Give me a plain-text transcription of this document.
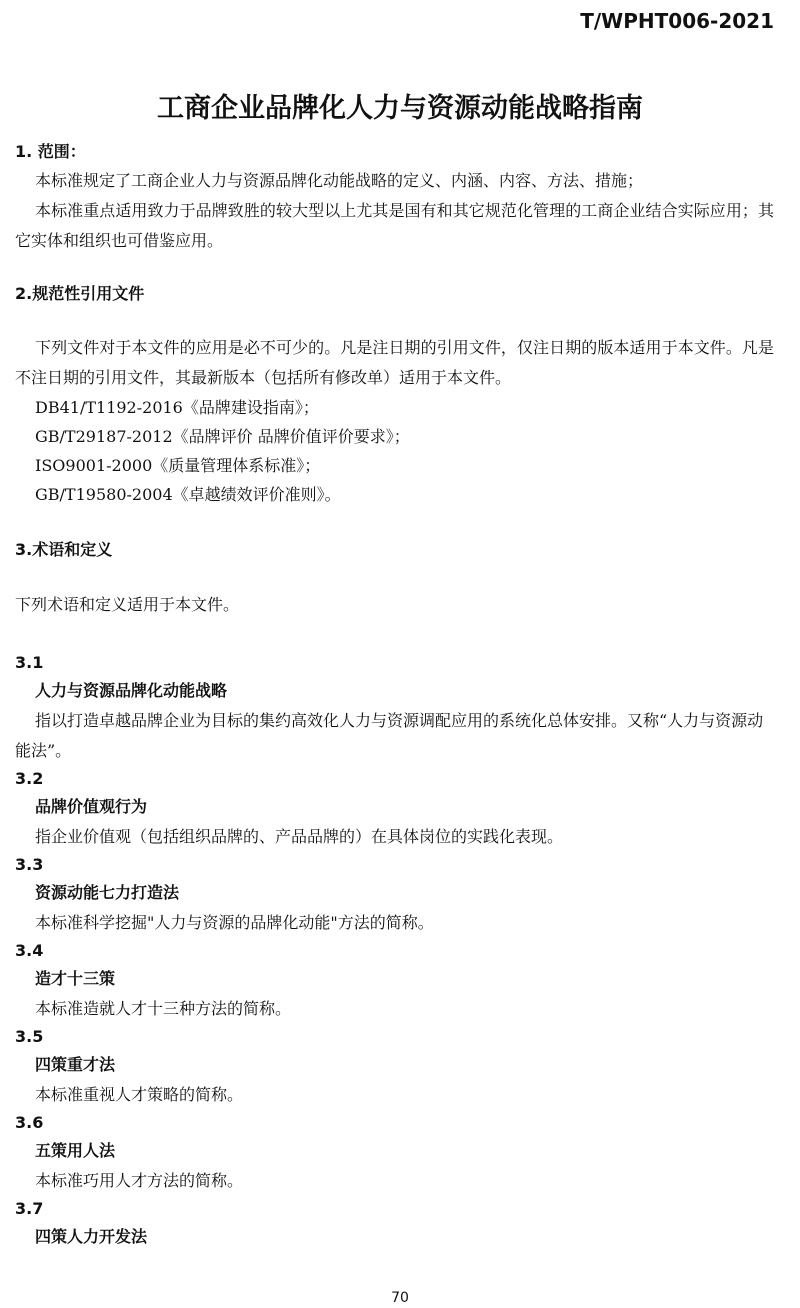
T/WPHT006-2021
工商企业品牌化人力与资源动能战略指南
1. 范围：
本标准规定了工商企业人力与资源品牌化动能战略的定义、内涵、内容、方法、措施；
本标准重点适用致力于品牌致胜的较大型以上尤其是国有和其它规范化管理的工商企业结合实际应用；其它实体和组织也可借鉴应用。
2.规范性引用文件
下列文件对于本文件的应用是必不可少的。凡是注日期的引用文件，仅注日期的版本适用于本文件。凡是不注日期的引用文件，其最新版本（包括所有修改单）适用于本文件。
DB41/T1192-2016《品牌建设指南》；
GB/T29187-2012《品牌评价 品牌价值评价要求》；
ISO9001-2000《质量管理体系标准》；
GB/T19580-2004《卓越绩效评价准则》。
3.术语和定义
下列术语和定义适用于本文件。
3.1
人力与资源品牌化动能战略
指以打造卓越品牌企业为目标的集约高效化人力与资源调配应用的系统化总体安排。又称“人力与资源动能法”。
3.2
品牌价值观行为
指企业价值观（包括组织品牌的、产品品牌的）在具体岗位的实践化表现。
3.3
资源动能七力打造法
本标准科学挖掘"人力与资源的品牌化动能"方法的简称。
3.4
造才十三策
本标准造就人才十三种方法的简称。
3.5
四策重才法
本标准重视人才策略的简称。
3.6
五策用人法
本标准巧用人才方法的简称。
3.7
四策人力开发法
70
